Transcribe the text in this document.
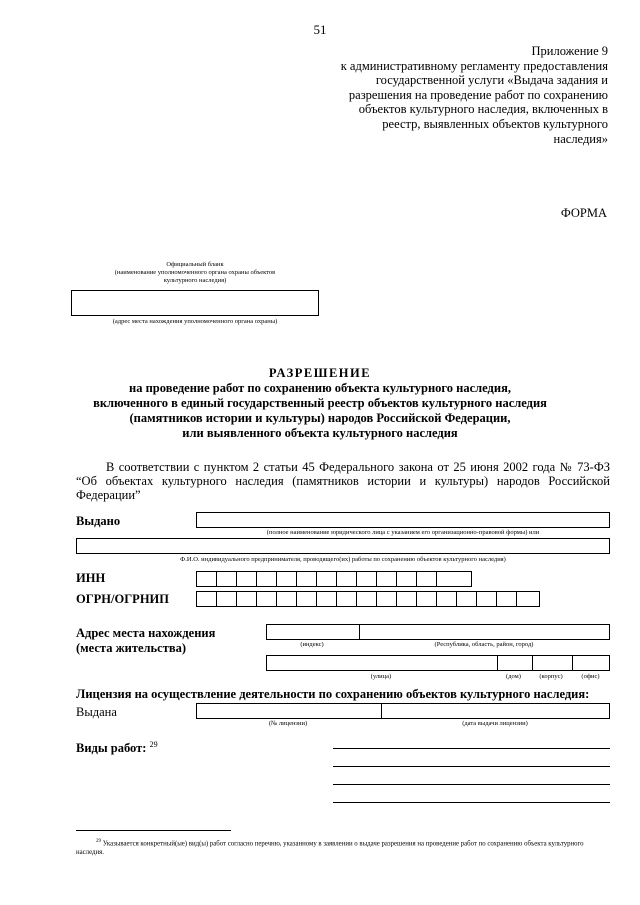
51
Приложение 9
к административному регламенту предоставления
государственной услуги «Выдача задания и
разрешения на проведение работ по сохранению
объектов культурного наследия, включенных в
реестр, выявленных объектов культурного
наследия»
ФОРМА
Официальный бланк
(наименование уполномоченного органа охраны объектов
культурного наследия)
(адрес места нахождения уполномоченного органа охраны)
РАЗРЕШЕНИЕ
на проведение работ по сохранению объекта культурного наследия,
включенного в единый государственный реестр объектов культурного наследия
(памятников истории и культуры) народов Российской Федерации,
или выявленного объекта культурного наследия
В соответствии с пунктом 2 статьи 45 Федерального закона от 25 июня 2002 года № 73-ФЗ “Об объектах культурного наследия (памятников истории и культуры) народов Российской Федерации”
Выдано
(полное наименование юридического лица с указанием его организационно-правовой формы) или
Ф.И.О. индивидуального предпринимателя, проводящего(их) работы по сохранению объектов культурного наследия)
ИНН
ОГРН/ОГРНИП
Адрес места нахождения
(места жительства)	(индекс)	(Республика, область, район, город)
(улица)	(дом)	(корпус)	(офис)
Лицензия на осуществление деятельности по сохранению объектов культурного наследия:
Выдана
(№ лицензии)	(дата выдачи лицензии)
Виды работ: $^{29}$
$^{29}$ Указывается конкретный(ые) вид(ы) работ согласно перечню, указанному в заявлении о выдаче разрешения на проведение работ по сохранению объекта культурного наследия.
